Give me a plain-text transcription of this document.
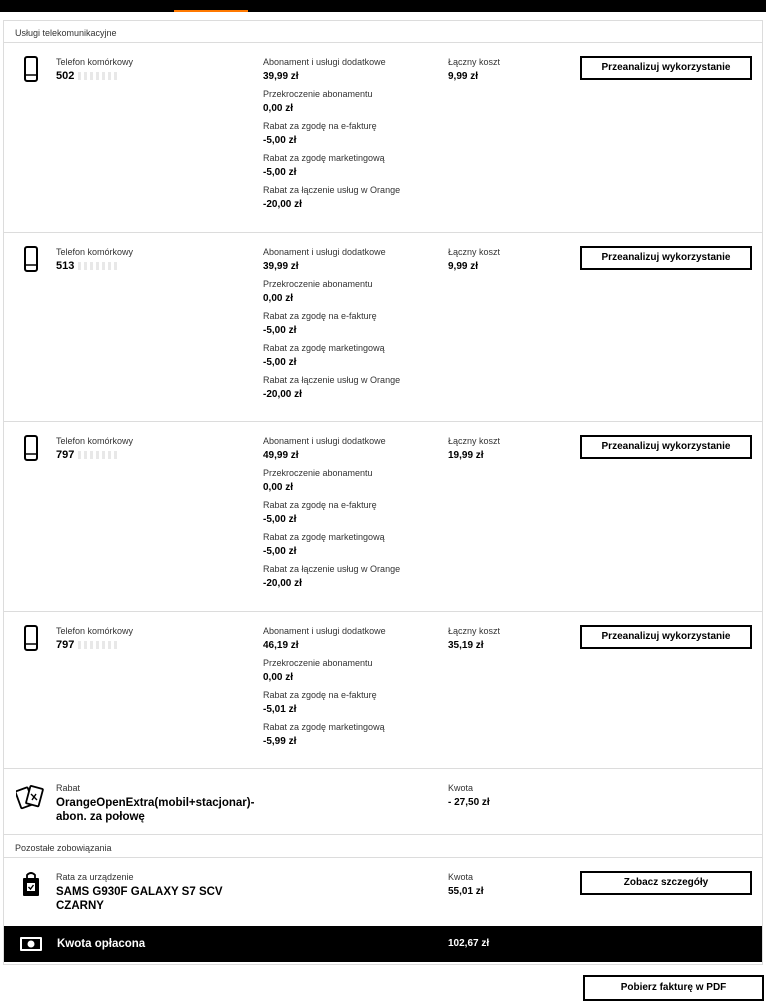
Usługi telekomunikacyjne
Telefon komórkowy
502
Abonament i usługi dodatkowe
39,99 zł
Przekroczenie abonamentu
0,00 zł
Rabat za zgodę na e-fakturę
-5,00 zł
Rabat za zgodę marketingową
-5,00 zł
Rabat za łączenie usług w Orange
-20,00 zł
Łączny koszt
9,99 zł
Przeanalizuj wykorzystanie
Telefon komórkowy
513
Abonament i usługi dodatkowe
39,99 zł
Przekroczenie abonamentu
0,00 zł
Rabat za zgodę na e-fakturę
-5,00 zł
Rabat za zgodę marketingową
-5,00 zł
Rabat za łączenie usług w Orange
-20,00 zł
Łączny koszt
9,99 zł
Przeanalizuj wykorzystanie
Telefon komórkowy
797
Abonament i usługi dodatkowe
49,99 zł
Przekroczenie abonamentu
0,00 zł
Rabat za zgodę na e-fakturę
-5,00 zł
Rabat za zgodę marketingową
-5,00 zł
Rabat za łączenie usług w Orange
-20,00 zł
Łączny koszt
19,99 zł
Przeanalizuj wykorzystanie
Telefon komórkowy
797
Abonament i usługi dodatkowe
46,19 zł
Przekroczenie abonamentu
0,00 zł
Rabat za zgodę na e-fakturę
-5,01 zł
Rabat za zgodę marketingową
-5,99 zł
Łączny koszt
35,19 zł
Przeanalizuj wykorzystanie
Rabat
OrangeOpenExtra(mobil+stacjonar)-
abon. za połowę
Kwota
- 27,50 zł
Pozostałe zobowiązania
Rata za urządzenie
SAMS G930F GALAXY S7 SCV
CZARNY
Kwota
55,01 zł
Zobacz szczegóły
Kwota opłacona	102,67 zł
Pobierz fakturę w PDF
